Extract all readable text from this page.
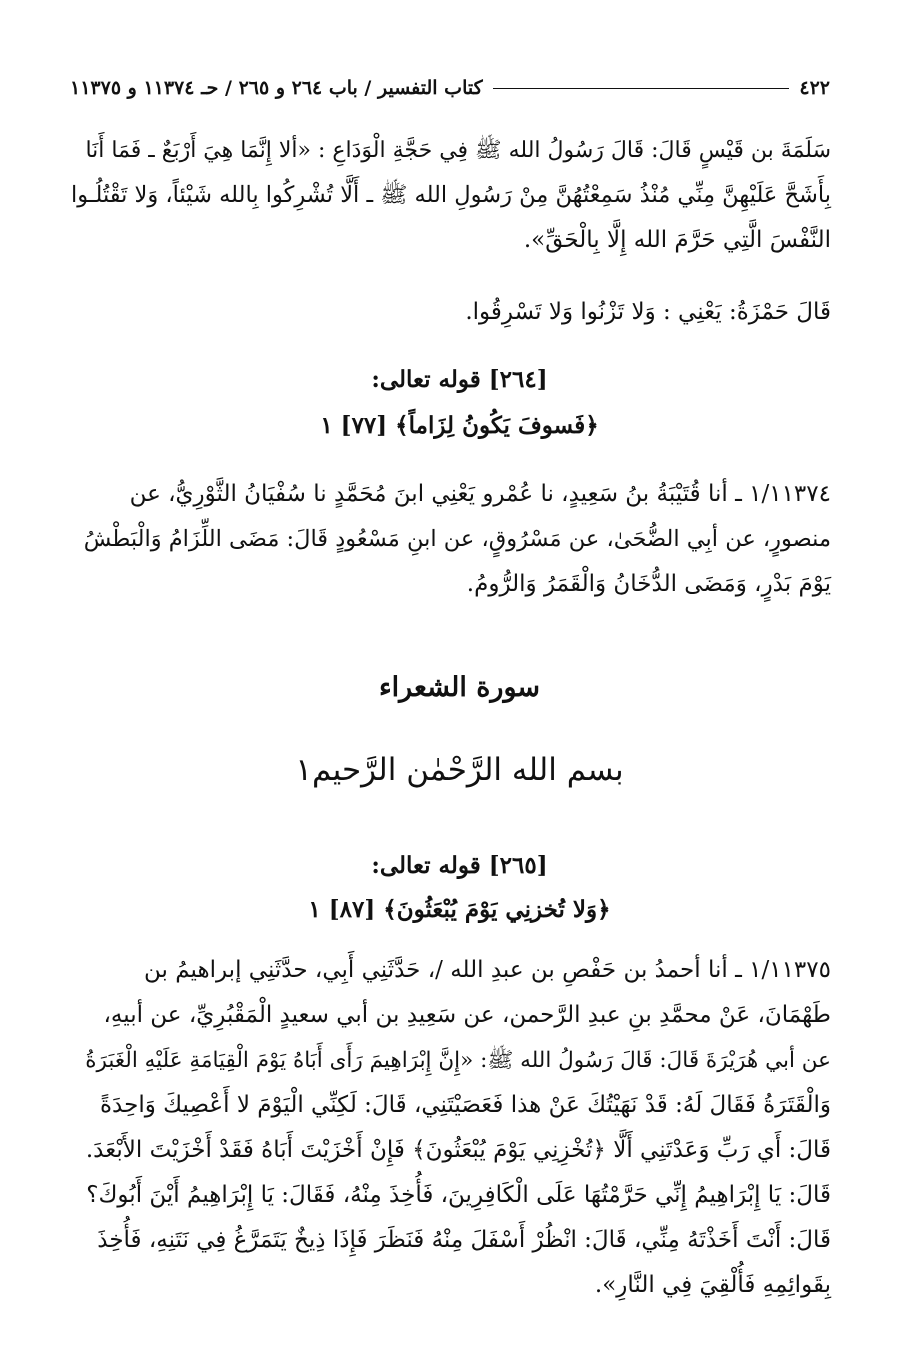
٤٢٢
كتاب التفسير / باب ٢٦٤ و ٢٦٥ / حـ ١١٣٧٤ و ١١٣٧٥

سَلَمَةَ بن قَيْسٍ قَالَ: قَالَ رَسُولُ الله ﷺ فِي حَجَّةِ الْوَدَاعِ : «ألا إِنَّمَا هِيَ أَرْبَعٌ ـ فَمَا أَنَا
بِأَشَحَّ عَلَيْهِنَّ مِنِّي مُنْذُ سَمِعْتُهُنَّ مِنْ رَسُولِ الله ﷺ ـ أَلَّا تُشْرِكُوا بِالله شَيْئاً، وَلا تَقْتُلُـوا
النَّفْسَ الَّتِي حَرَّمَ الله إِلَّا بِالْحَقِّ».

قَالَ حَمْزَةُ: يَعْنِي : وَلا تَزْنُوا وَلا تَسْرِقُوا.

[٢٦٤] قوله تعالى:

﴿فَسوفَ يَكُونُ لِزَاماً﴾ [٧٧] ١

١/١١٣٧٤ ـ أنا قُتَيْبَةُ بنُ سَعِيدٍ، نا عُمْرو يَعْنِي ابنَ مُحَمَّدٍ نا سُفْيَانُ الثَّوْرِيُّ، عن
منصورٍ، عن أبِي الضُّحَىٰ، عن مَسْرُوقٍ، عن ابنِ مَسْعُودٍ قَالَ: مَضَى اللِّزَامُ وَالْبَطْشُ
يَوْمَ بَدْرٍ، وَمَضَى الدُّخَانُ وَالْقَمَرُ وَالرُّومُ.

سورة الشعراء

بسم الله الرَّحْمٰن الرَّحيم١

[٢٦٥] قوله تعالى:

﴿وَلا تُخزنِي يَوْمَ يُبْعَثُونَ﴾ [٨٧] ١

١/١١٣٧٥ ـ أنا أحمدُ بن حَفْصِ بن عبدِ الله /، حَدَّثَنِي أَبِي، حدَّثَنِي إبراهيمُ بن
طَهْمَانَ، عَنْ محمَّدِ بنِ عبدِ الرَّحمن، عن سَعِيدِ بن أبي سعيدٍ الْمَقْبُرِيِّ، عن أبيهِ،
عن أبي هُرَيْرَةَ قَالَ: قَالَ رَسُولُ الله ﷺ: «إِنَّ إِبْرَاهِيمَ رَأَى أَبَاهُ يَوْمَ الْقِيَامَةِ عَلَيْهِ الْغَبَرَةُ
وَالْقَتَرَةُ فَقَالَ لَهُ: قَدْ نَهَيْتُكَ عَنْ هذا فَعَصَيْتَنِي، قَالَ: لَكِنِّي الْيَوْمَ لا أَعْصِيكَ وَاحِدَةً
قَالَ: أَي رَبِّ وَعَدْتَنِي أَلَّا ﴿تُخْزِنِي يَوْمَ يُبْعَثُونَ﴾ فَإِنْ أَخْزَيْتَ أَبَاهُ فَقَدْ أَخْزَيْتَ الأَبْعَدَ.
قَالَ: يَا إِبْرَاهِيمُ إِنِّي حَرَّمْتُهَا عَلَى الْكَافِرِينَ، فَأُخِذَ مِنْهُ، فَقَالَ: يَا إِبْرَاهِيمُ أَيْنَ أَبُوكَ؟
قَالَ: أَنْتَ أَخَذْتَهُ مِنِّي، قَالَ: انْظُرْ أَسْفَلَ مِنْهُ فَنَظَرَ فَإِذَا ذِيخٌ يَتَمَرَّغُ فِي نَتَنِهِ، فَأُخِذَ
بِقَوائِمِهِ فَأُلْقِيَ فِي النَّارِ».
